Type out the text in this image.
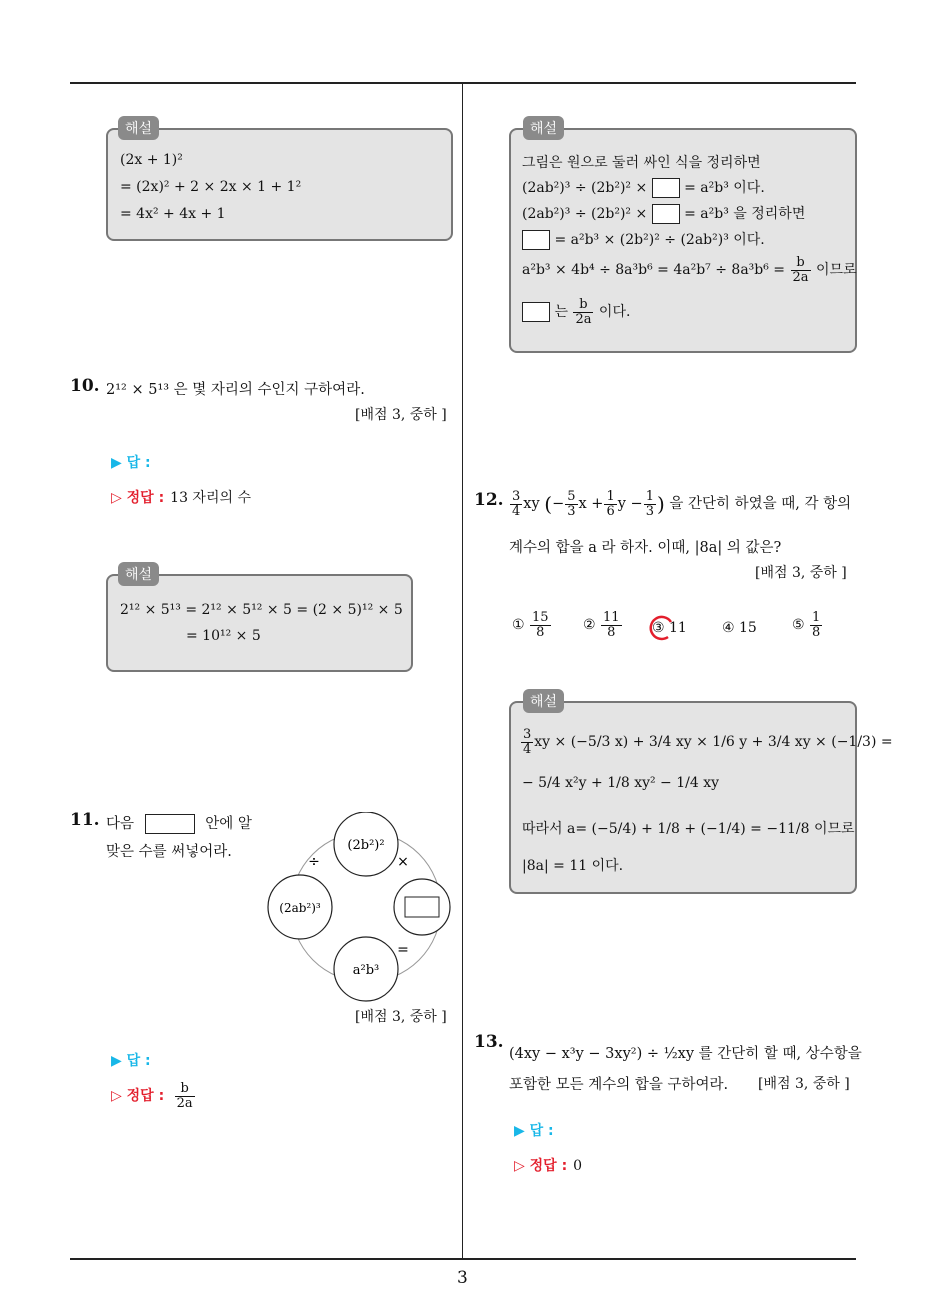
3
해설
(2x + 1)²
= (2x)² + 2 × 2x × 1 + 1²
= 4x² + 4x + 1
10. 2¹² × 5¹³ 은 몇 자리의 수인지 구하여라.
[배점 3, 중하 ]
▶ 답 :
▷ 정답 : 13 자리의 수
해설
2¹² × 5¹³ = 2¹² × 5¹² × 5 = (2 × 5)¹² × 5
= 10¹² × 5
11. 다음	안에 알
맞은 수를 써넣어라.	(2b²)²
(2ab²)³
a²b³
÷	×
=
[배점 3, 중하 ]
▶ 답 :
▷ 정답 : $\frac{b}{2a}$
해설
그림은 원으로 둘러 싸인 식을 정리하면
(2ab²)³ ÷ (2b²)² ×	= a²b³ 이다.
(2ab²)³ ÷ (2b²)² ×	= a²b³ 을 정리하면
= a²b³ × (2b²)² ÷ (2ab²)³ 이다.
$a^2b^3 \times 4b^4 \div 8a^3b^6 = 4a^2b^7 \div 8a^3b^6 = \frac{b}{2a}$ 이므로
는 $\frac{b}{2a}$ 이다.
12. $\frac{3}{4}$ xy (− $\frac{5}{3}$ $x + \frac{1}{6}$ $y - \frac{1}{3}$ ) 을 간단히 하였을 때, 각 항의
계수의 합을 a 라 하자. 이때, |8a| 의 값은?
[배점 3, 중하 ]
① $\frac{15}{8}$ ② $\frac{11}{8}$ ③ 11	④ 15	⑤ $\frac{1}{8}$
해설
$\frac{3}{4}$ xy × (−5/3 x) + 3/4 xy × 1/6 y + 3/4 xy × (−1/3) =
− 5/4 x²y + 1/8 xy² − 1/4 xy
따라서 a= (−5/4) + 1/8 + (−1/4) = −11/8 이므로
|8a| = 11 이다.
13.
(4xy − x³y − 3xy²) ÷ ½xy 를 간단히 할 때, 상수항을
포함한 모든 계수의 합을 구하여라. [배점 3, 중하 ]
▶ 답 :
▷ 정답 : 0
